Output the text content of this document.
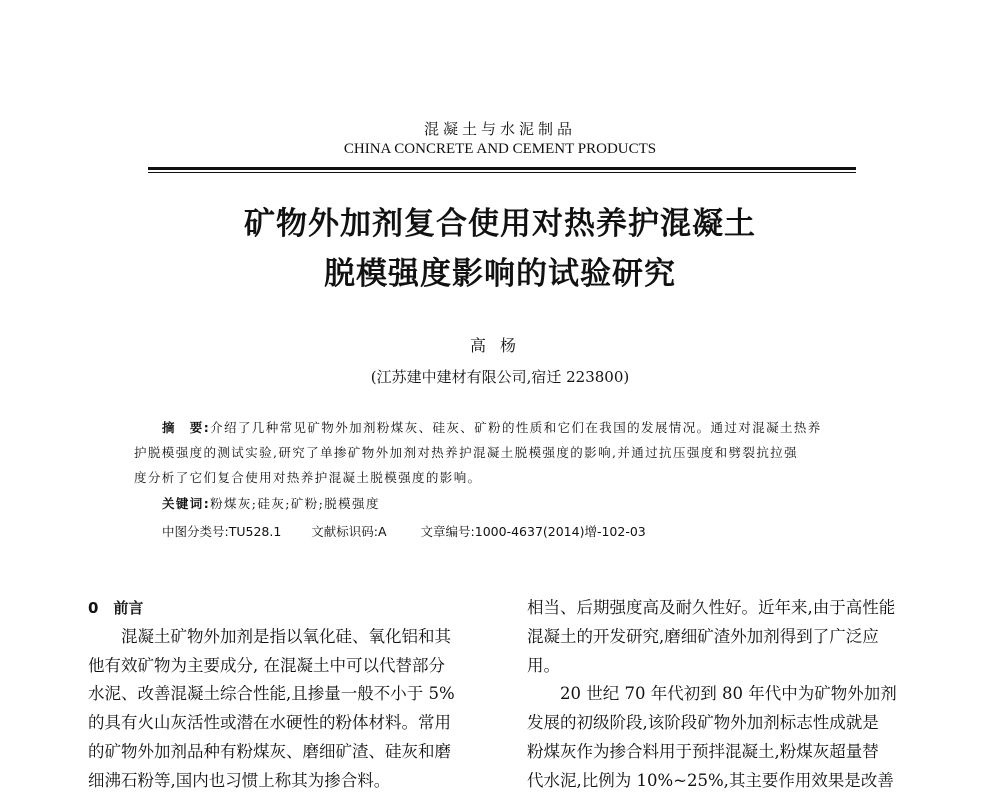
混凝土与水泥制品
CHINA CONCRETE AND CEMENT PRODUCTS
矿物外加剂复合使用对热养护混凝土
脱模强度影响的试验研究
高杨
(江苏建中建材有限公司,宿迁 223800)
摘　要:介绍了几种常见矿物外加剂粉煤灰、硅灰、矿粉的性质和它们在我国的发展情况。通过对混凝土热养
护脱模强度的测试实验,研究了单掺矿物外加剂对热养护混凝土脱模强度的影响,并通过抗压强度和劈裂抗拉强
度分析了它们复合使用对热养护混凝土脱模强度的影响。
关键词:粉煤灰;硅灰;矿粉;脱模强度
中图分类号:TU528.1 文献标识码:A	文章编号:1000-4637(2014)增-102-03
0　前言
混凝土矿物外加剂是指以氧化硅、氧化铝和其
他有效矿物为主要成分, 在混凝土中可以代替部分
水泥、改善混凝土综合性能,且掺量一般不小于 5%
的具有火山灰活性或潜在水硬性的粉体材料。常用
的矿物外加剂品种有粉煤灰、磨细矿渣、硅灰和磨
细沸石粉等,国内也习惯上称其为掺合料。
相当、后期强度高及耐久性好。近年来,由于高性能
混凝土的开发研究,磨细矿渣外加剂得到了广泛应
用。
20 世纪 70 年代初到 80 年代中为矿物外加剂
发展的初级阶段,该阶段矿物外加剂标志性成就是
粉煤灰作为掺合料用于预拌混凝土,粉煤灰超量替
代水泥,比例为 10%~25%,其主要作用效果是改善
